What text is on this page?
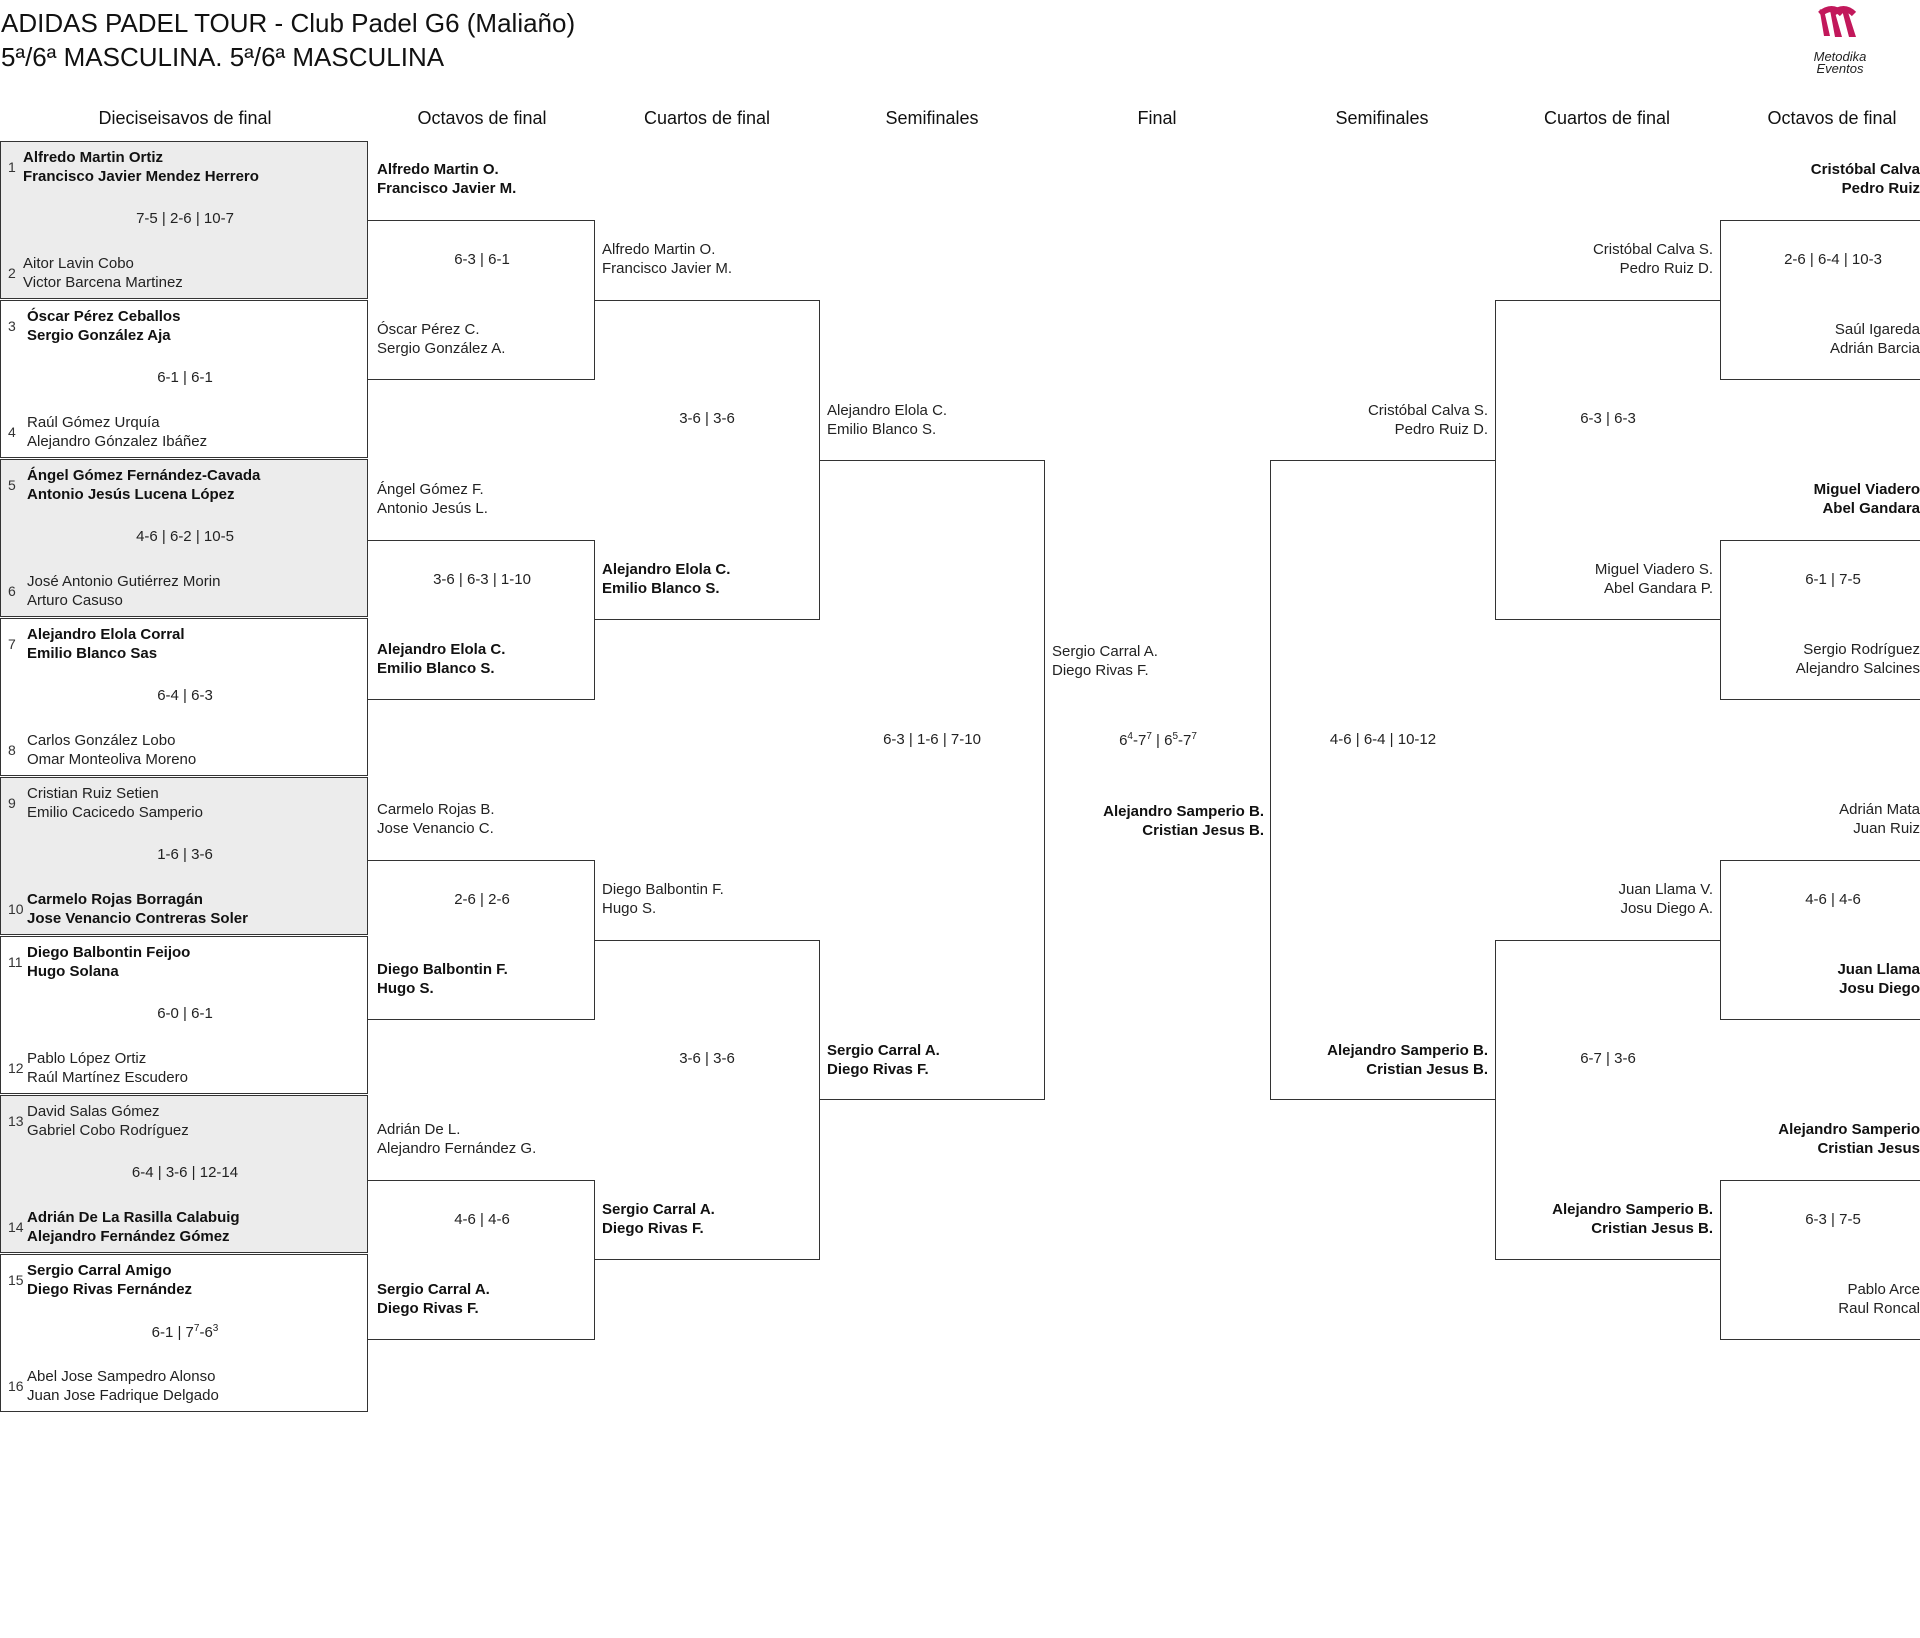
ADIDAS PADEL TOUR - Club Padel G6 (Maliaño)
5ª/6ª MASCULINA. 5ª/6ª MASCULINA	Metodika
Eventos
Dieciseisavos de final	Octavos de final	Cuartos de final	Semifinales	Final	Semifinales	Cuartos de final	Octavos de final
1
2
Alfredo Martin Ortiz
Francisco Javier Mendez Herrero
7-5 | 2-6 | 10-7
Aitor Lavin Cobo
Victor Barcena Martinez
3
4
Óscar Pérez Ceballos
Sergio González Aja
6-1 | 6-1
Raúl Gómez Urquía
Alejandro Gónzalez Ibáñez
5
6
Ángel Gómez Fernández-Cavada
Antonio Jesús Lucena López
4-6 | 6-2 | 10-5
José Antonio Gutiérrez Morin
Arturo Casuso
7
8
Alejandro Elola Corral
Emilio Blanco Sas
6-4 | 6-3
Carlos González Lobo
Omar Monteoliva Moreno
9
10
Cristian Ruiz Setien
Emilio Cacicedo Samperio
1-6 | 3-6
Carmelo Rojas Borragán
Jose Venancio Contreras Soler
11
12
Diego Balbontin Feijoo
Hugo Solana
6-0 | 6-1
Pablo López Ortiz
Raúl Martínez Escudero
13
14
David Salas Gómez
Gabriel Cobo Rodríguez
6-4 | 3-6 | 12-14
Adrián De La Rasilla Calabuig
Alejandro Fernández Gómez
15
16
Sergio Carral Amigo
Diego Rivas Fernández
6-1 | $7^7-6^3$
Abel Jose Sampedro Alonso
Juan Jose Fadrique Delgado
Alfredo Martin O.
Francisco Javier M.
6-3 | 6-1
Óscar Pérez C.
Sergio González A.
Ángel Gómez F.
Antonio Jesús L.
3-6 | 6-3 | 1-10
Alejandro Elola C.
Emilio Blanco S.
Carmelo Rojas B.
Jose Venancio C.
2-6 | 2-6
Diego Balbontin F.
Hugo S.
Adrián De L.
Alejandro Fernández G.
4-6 | 4-6
Sergio Carral A.
Diego Rivas F.
Alfredo Martin O.
Francisco Javier M.
3-6 | 3-6
Alejandro Elola C.
Emilio Blanco S.
Diego Balbontin F.
Hugo S.
3-6 | 3-6
Sergio Carral A.
Diego Rivas F.
Alejandro Elola C.
Emilio Blanco S.
6-3 | 1-6 | 7-10
Sergio Carral A.
Diego Rivas F.
Sergio Carral A.
Diego Rivas F.
$6^4-7^7$ | $6^5-7^7$
Alejandro Samperio B.
Cristian Jesus B.
Cristóbal Calva S.
Pedro Ruiz D.
4-6 | 6-4 | 10-12
Alejandro Samperio B.
Cristian Jesus B.
Cristóbal Calva S.
Pedro Ruiz D.
6-3 | 6-3
Miguel Viadero S.
Abel Gandara P.
Juan Llama V.
Josu Diego A.
6-7 | 3-6
Alejandro Samperio B.
Cristian Jesus B.
Cristóbal Calva
Pedro Ruiz
2-6 | 6-4 | 10-3
Saúl Igareda
Adrián Barcia
Miguel Viadero
Abel Gandara
6-1 | 7-5
Sergio Rodríguez
Alejandro Salcines
Adrián Mata
Juan Ruiz
4-6 | 4-6
Juan Llama
Josu Diego
Alejandro Samperio
Cristian Jesus
6-3 | 7-5
Pablo Arce
Raul Roncal
